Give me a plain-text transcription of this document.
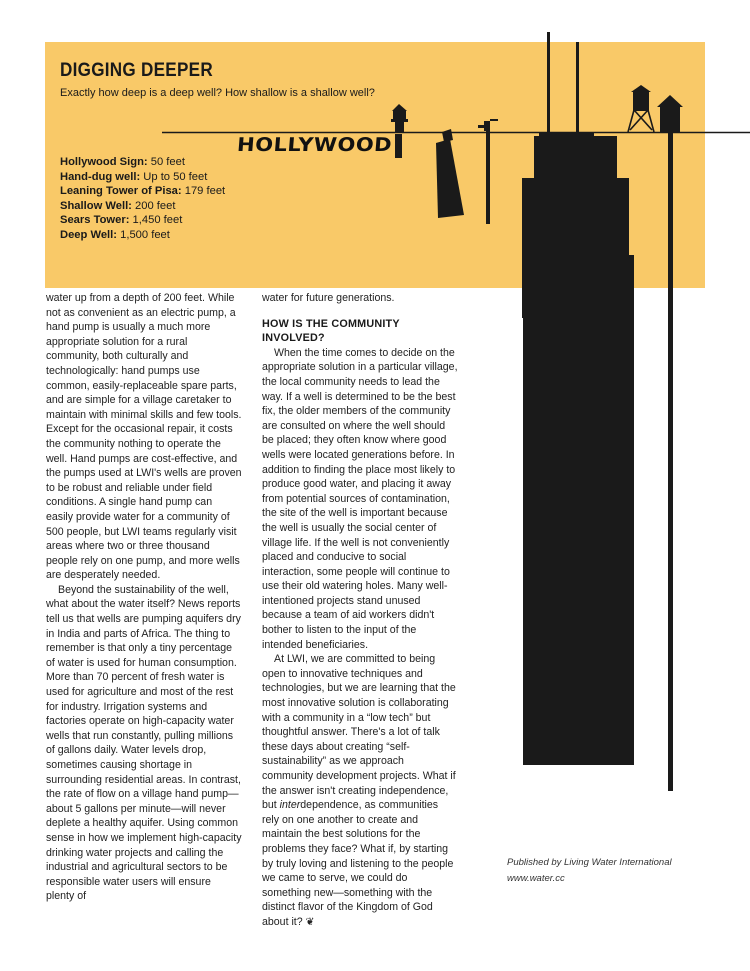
DIGGING DEEPER
Exactly how deep is a deep well? How shallow is a shallow well?
Hollywood Sign: 50 feet
Hand-dug well: Up to 50 feet
Leaning Tower of Pisa: 179 feet
Shallow Well: 200 feet
Sears Tower: 1,450 feet
Deep Well: 1,500 feet
HOLLYWOOD

water up from a depth of 200 feet. While not as convenient as an electric pump, a hand pump is usually a much more appropriate solution for a rural community, both culturally and technologically: hand pumps use common, easily-replaceable spare parts, and are simple for a village caretaker to maintain with minimal skills and few tools. Except for the occasional repair, it costs the community nothing to operate the well. Hand pumps are cost-effective, and the pumps used at LWI's wells are proven to be robust and reliable under field conditions. A single hand pump can easily provide water for a community of 500 people, but LWI teams regularly visit areas where two or three thousand people rely on one pump, and more wells are desperately needed.

Beyond the sustainability of the well, what about the water itself? News reports tell us that wells are pumping aquifers dry in India and parts of Africa. The thing to remember is that only a tiny percentage of water is used for human consumption. More than 70 percent of fresh water is used for agriculture and most of the rest for industry. Irrigation systems and factories operate on high-capacity water wells that run constantly, pulling millions of gallons daily. Water levels drop, sometimes causing shortage in surrounding residential areas. In contrast, the rate of flow on a village hand pump—about 5 gallons per minute—will never deplete a healthy aquifer. Using common sense in how we implement high-capacity drinking water projects and calling the industrial and agricultural sectors to be responsible water users will ensure plenty of

water for future generations.

HOW IS THE COMMUNITY INVOLVED?

When the time comes to decide on the appropriate solution in a particular village, the local community needs to lead the way. If a well is determined to be the best fix, the older members of the community are consulted on where the well should be placed; they often know where good wells were located generations before. In addition to finding the place most likely to produce good water, and placing it away from potential sources of contamination, the site of the well is important because the well is usually the social center of village life. If the well is not conveniently placed and conducive to social interaction, some people will continue to use their old watering holes. Many well-intentioned projects stand unused because a team of aid workers didn't bother to listen to the input of the intended beneficiaries.

At LWI, we are committed to being open to innovative techniques and technologies, but we are learning that the most innovative solution is collaborating with a community in a “low tech” but thoughtful answer. There's a lot of talk these days about creating “self-sustainability” as we approach community development projects. What if the answer isn't creating independence, but interdependence, as communities rely on one another to create and maintain the best solutions for the problems they face? What if, by starting by truly loving and listening to the people we came to serve, we could do something new—something with the distinct flavor of the Kingdom of God about it? ❦

Published by Living Water International
www.water.cc
